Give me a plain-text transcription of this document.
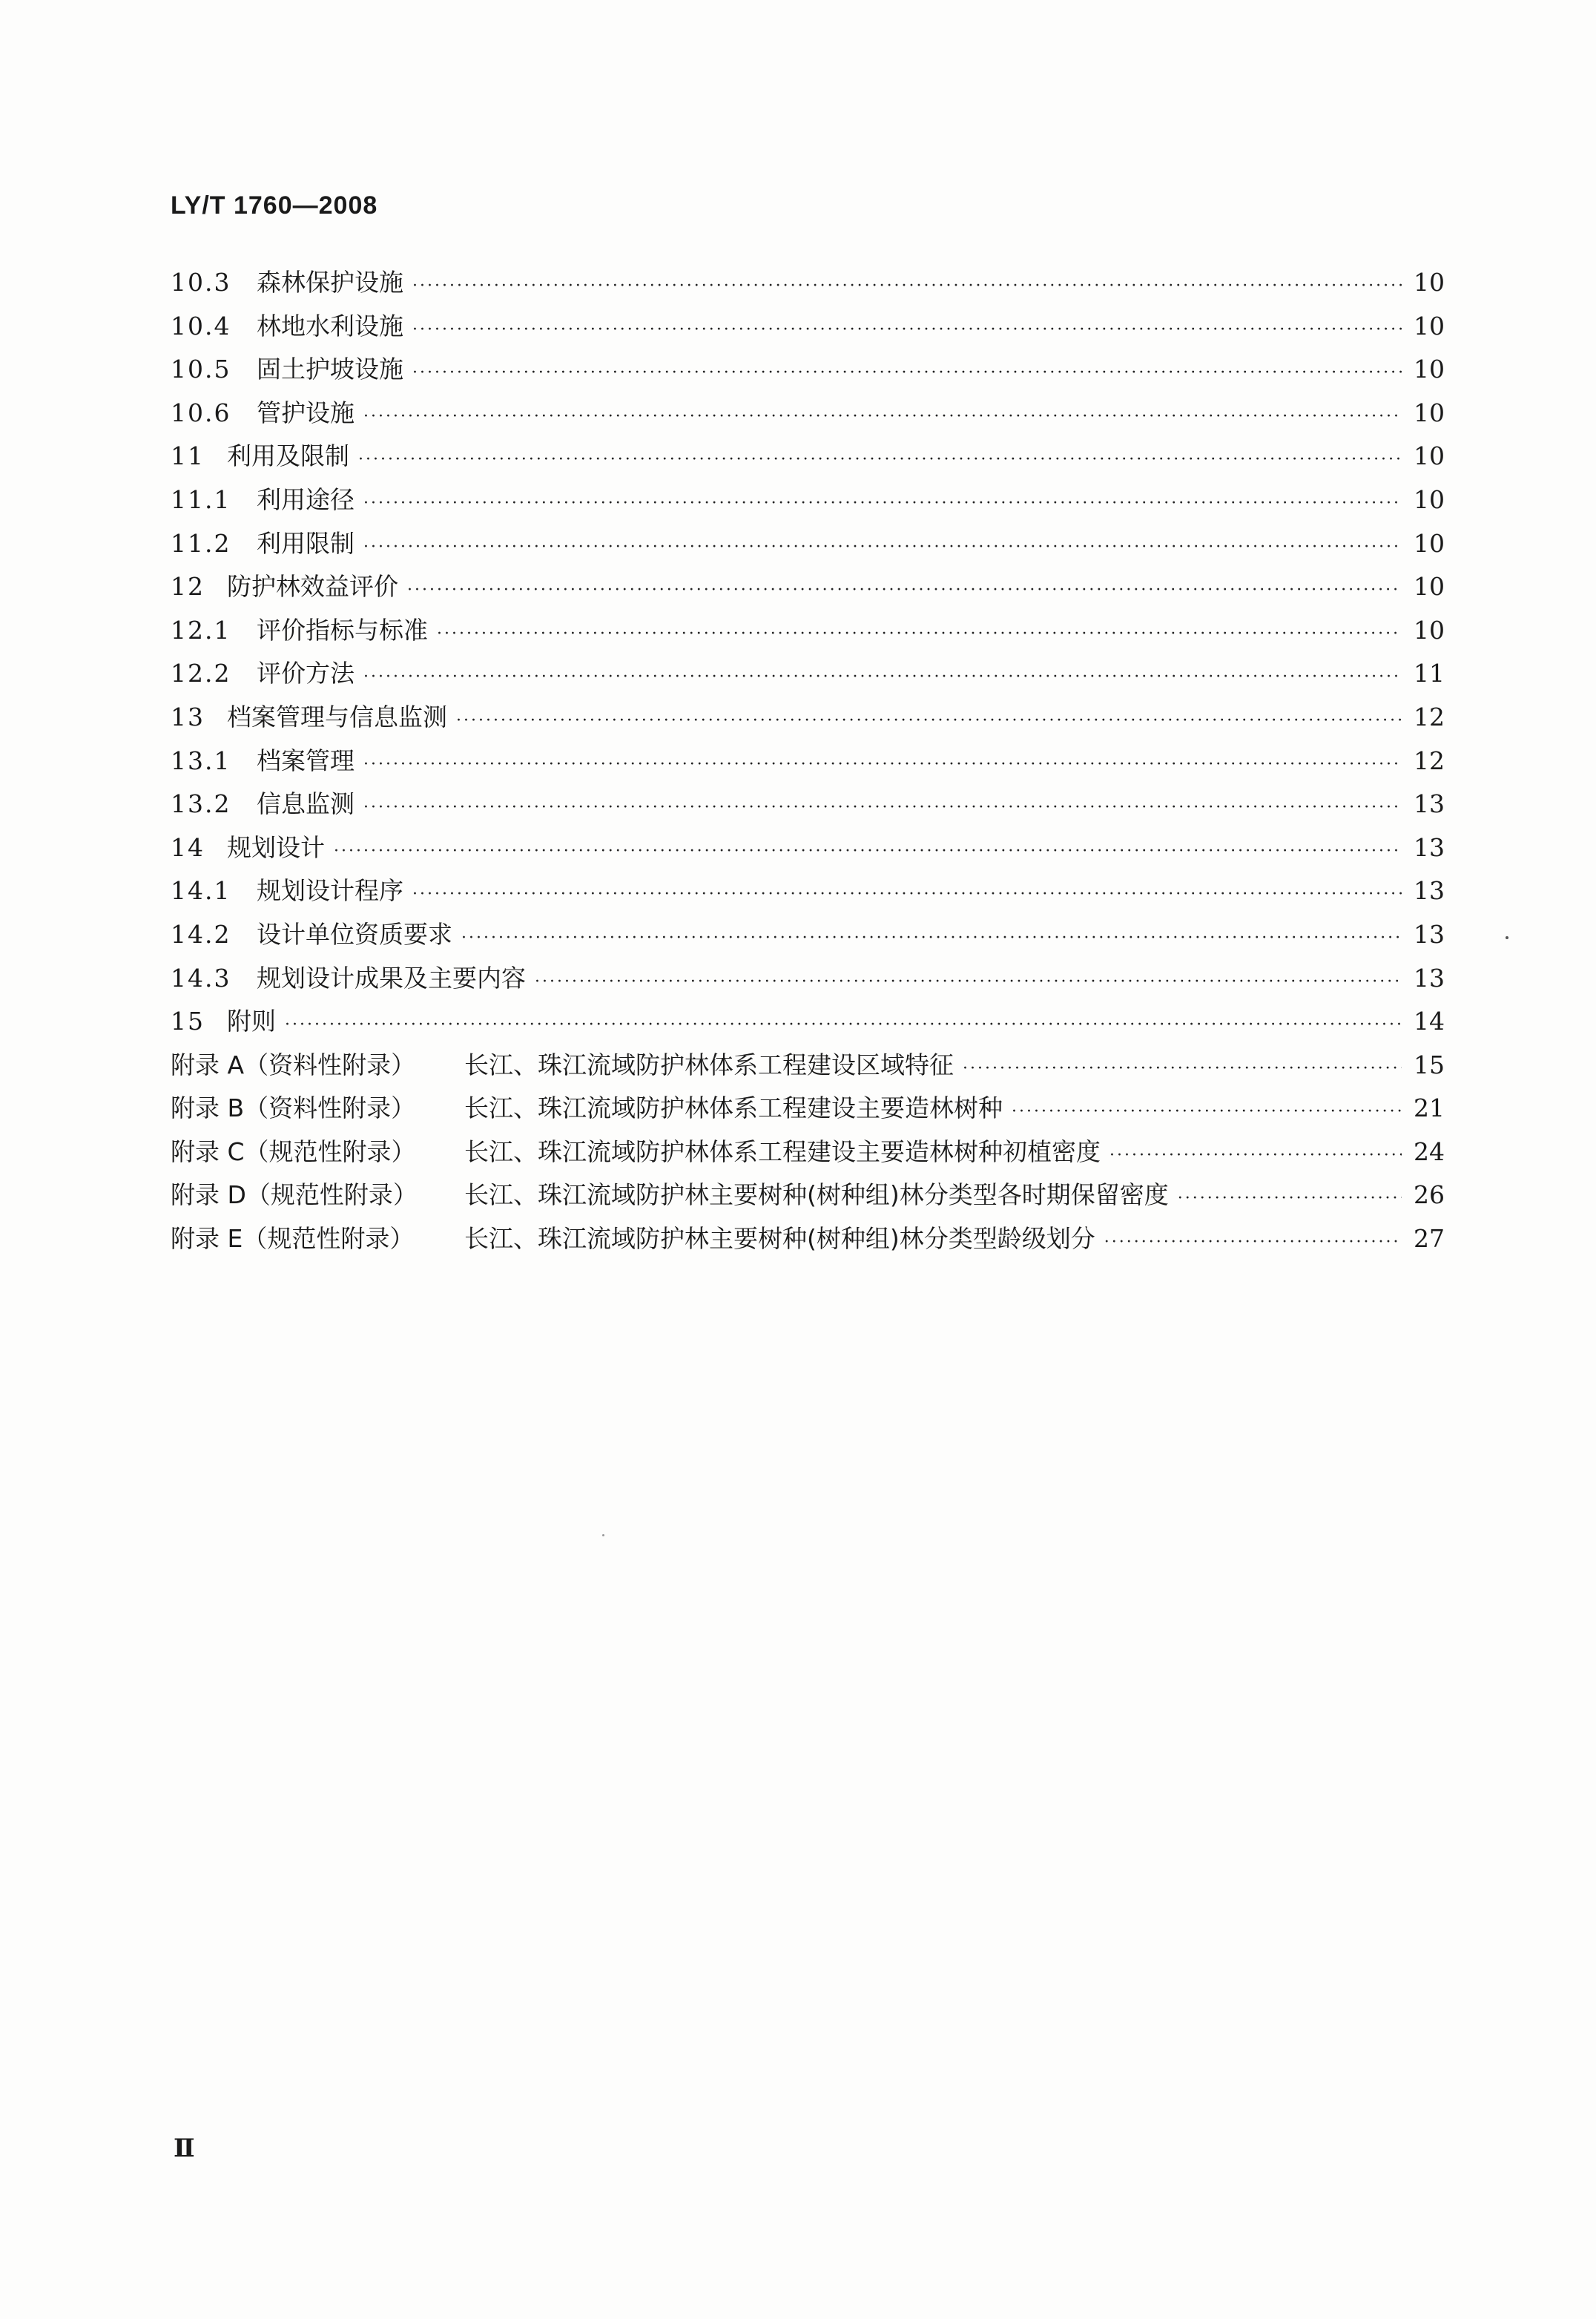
LY/T 1760—2008
10.3	森林保护设施 ·····	10
10.4	林地水利设施 ·····	10
10.5	固土护坡设施 ·····	10
10.6	管护设施 ·····	10
11 利用及限制 ·····	10
11.1	利用途径 ·····	10
11.2	利用限制 ·····	10
12 防护林效益评价 ·····	10
12.1	评价指标与标准 ·····	10
12.2	评价方法 ·····	11
13 档案管理与信息监测 ·····	12
13.1	档案管理 ·····	12
13.2	信息监测 ·····	13
14 规划设计 ·····	13
14.1	规划设计程序 ·····	13
14.2	设计单位资质要求 ·····	13
14.3	规划设计成果及主要内容 ·····	13
15 附则 ·····	14
附录 A（资料性附录）	长江、珠江流域防护林体系工程建设区域特征 ·····	15
附录 B（资料性附录）	长江、珠江流域防护林体系工程建设主要造林树种 ·····	21
附录 C（规范性附录）	长江、珠江流域防护林体系工程建设主要造林树种初植密度 ·····	24
附录 D（规范性附录）	长江、珠江流域防护林主要树种(树种组)林分类型各时期保留密度 ·····	26
附录 E（规范性附录）	长江、珠江流域防护林主要树种(树种组)林分类型龄级划分 ·····	27
Ⅱ
